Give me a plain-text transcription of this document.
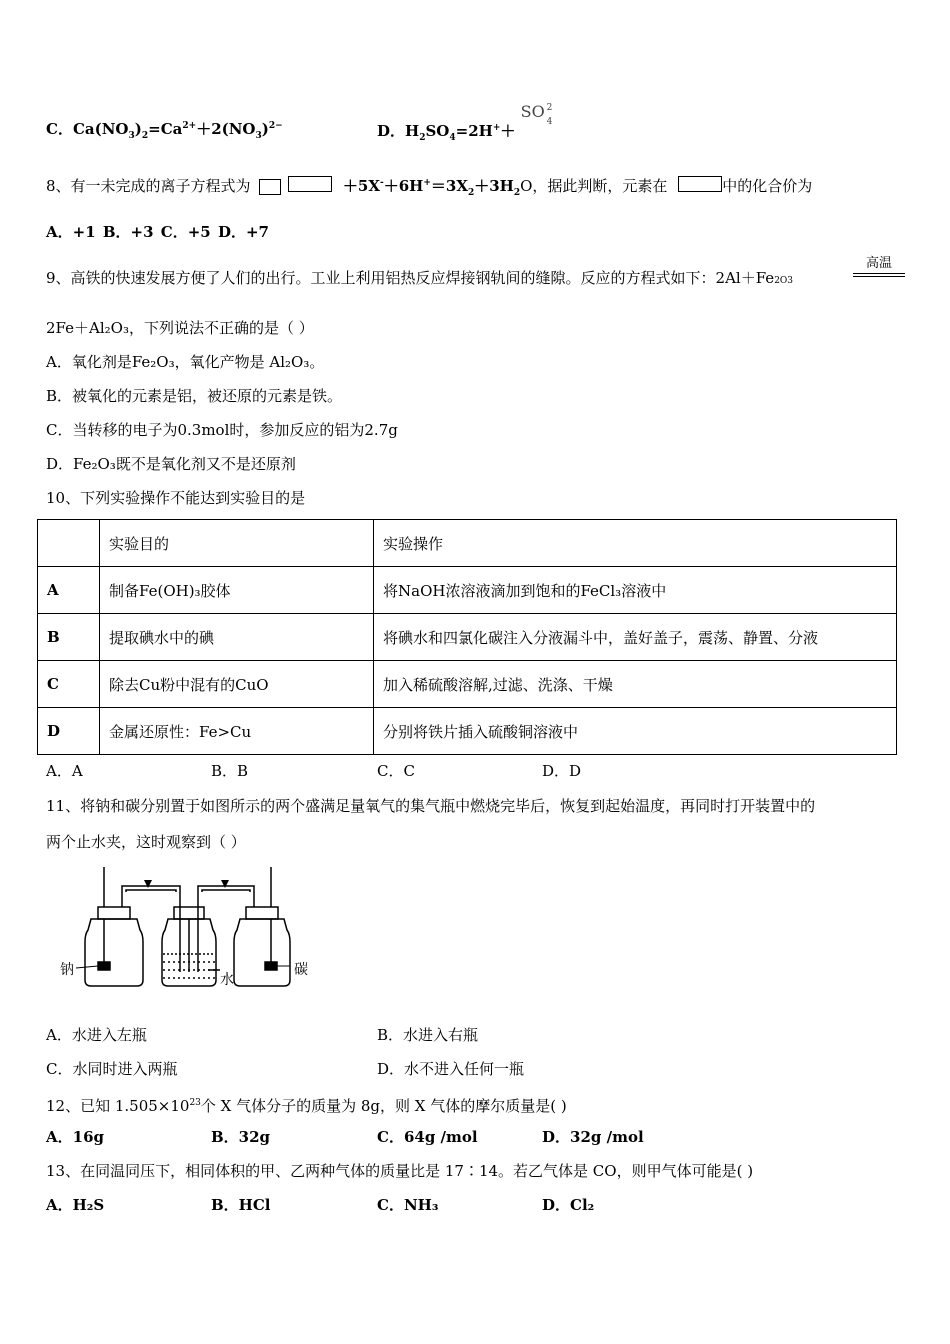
C．$Ca(NO_3)_2=Ca^{2+}+2(NO_3)^{2-}$	D．$H_2SO_4=2H^++$
SO 2
4
8、有一未完成的离子方程式为	$+5X^-+6H^+=3X_2+3H_2O$，据此判断，元素在	中的化合价为
A．+1 B．+3 C．+5 D．+7
9、高铁的快速发展方便了人们的出行。工业上利用铝热反应焊接钢轨间的缝隙。反应的方程式如下：2Al＋Fe2O3
高温
2Fe＋Al₂O₃，下列说法不正确的是（ ）
A．氧化剂是Fe₂O₃，氧化产物是 Al₂O₃。
B．被氧化的元素是铝，被还原的元素是铁。
C．当转移的电子为0.3mol时，参加反应的铝为2.7g
D．Fe₂O₃既不是氧化剂又不是还原剂
10、下列实验操作不能达到实验目的是
	实验目的	实验操作
A	制备Fe(OH)₃胶体	将NaOH浓溶液滴加到饱和的FeCl₃溶液中
B	提取碘水中的碘	将碘水和四氯化碳注入分液漏斗中，盖好盖子，震荡、静置、分液
C	除去Cu粉中混有的CuO	加入稀硫酸溶解,过滤、洗涤、干燥
D	金属还原性：Fe>Cu	分别将铁片插入硫酸铜溶液中
A．A	B．B	C．C	D．D
11、将钠和碳分别置于如图所示的两个盛满足量氧气的集气瓶中燃烧完毕后，恢复到起始温度，再同时打开装置中的
两个止水夹，这时观察到（ ）
钠
水
碳
A．水进入左瓶	B．水进入右瓶
C．水同时进入两瓶	D．水不进入任何一瓶
12、已知 $1.505\times 10^{23}$个 X 气体分子的质量为 8g，则 X 气体的摩尔质量是( )
A．16g	B．32g	C．64g /mol	D．32g /mol
13、在同温同压下，相同体积的甲、乙两种气体的质量比是 17∶14。若乙气体是 CO，则甲气体可能是( )
A．H₂S	B．HCl	C．NH₃	D．Cl₂
